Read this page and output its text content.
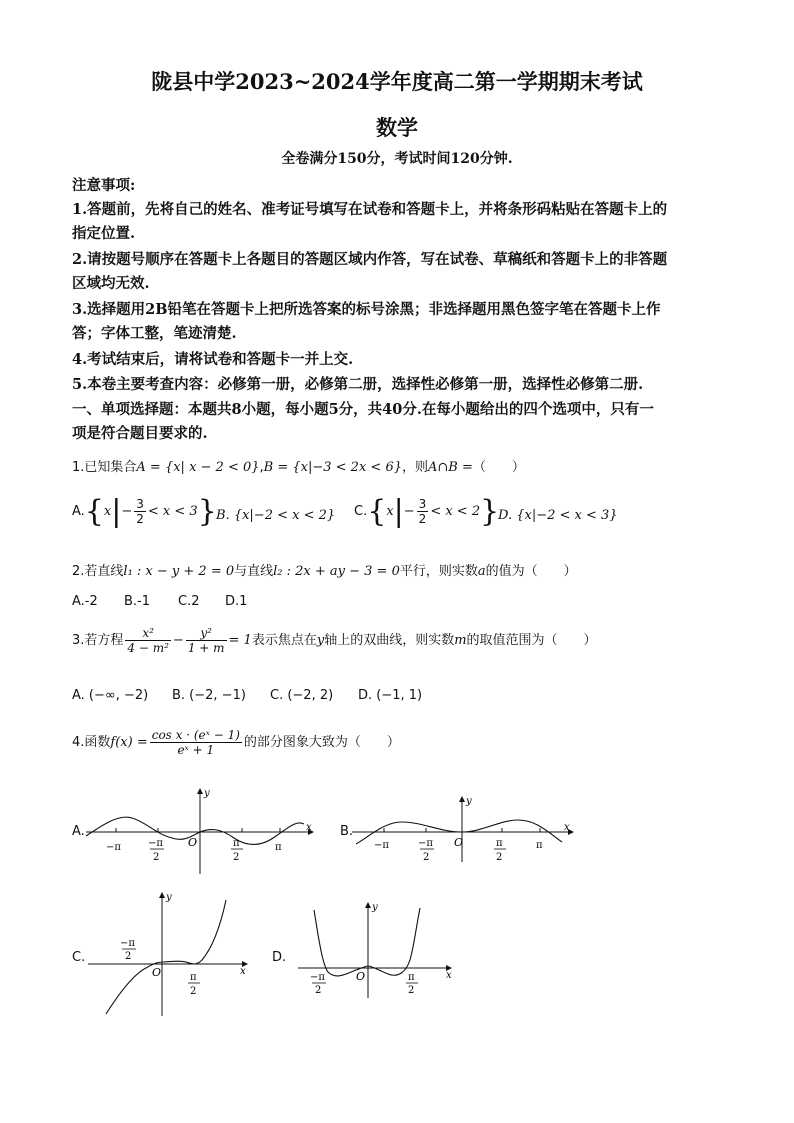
陇县中学2023~2024学年度高二第一学期期末考试
数学
全卷满分150分，考试时间120分钟.
注意事项:
1.答题前，先将自己的姓名、准考证号填写在试卷和答题卡上，并将条形码粘贴在答题卡上的
指定位置.
2.请按题号顺序在答题卡上各题目的答题区域内作答，写在试卷、草稿纸和答题卡上的非答题
区域均无效.
3.选择题用2B铅笔在答题卡上把所选答案的标号涂黑；非选择题用黑色签字笔在答题卡上作
答；字体工整，笔迹清楚.
4.考试结束后，请将试卷和答题卡一并上交.
5.本卷主要考查内容：必修第一册，必修第二册，选择性必修第一册，选择性必修第二册.
一、单项选择题：本题共8小题，每小题5分，共40分.在每小题给出的四个选项中，只有一
项是符合题目要求的.
1.已知集合A = {x| x − 2 < 0},B = {x|−3 < 2x < 6}，则A∩B =（　　）
$A.\{x|- \frac{3}{2} < x < 3\}$ B. {x|−2 < x < 2} $C.\{x|- \frac{3}{2} < x < 2\}$
D. {x|−2 < x < 3}
2.若直线l₁ : x − y + 2 = 0与直线l₂ : 2x + ay − 3 = 0平行，则实数a的值为（　　）
A.-2 B.-1 C.2 D.1
3.若方程 $\frac{\text{x²}}{\text{4 − m²}} - \frac{\text{y²}}{1 + m} = 1$表示焦点在y轴上的双曲线，则实数m的取值范围为（　　）
A. (−∞, −2) B. (−2, −1) C. (−2, 2) D. (−1, 1)
4.函数$f(x) = \frac{\text{cos x · (eˣ − 1)}}{\text{eˣ + 1}}$ 的部分图象大致为（　　）
A.	B.
C.	D.
x
y
O
−π	−π
2
π
2
π
x
y
O
−π	−π
2
π
2
π
x
y
O
−π
2
π
2
x
y
O
−π
2
π
2
